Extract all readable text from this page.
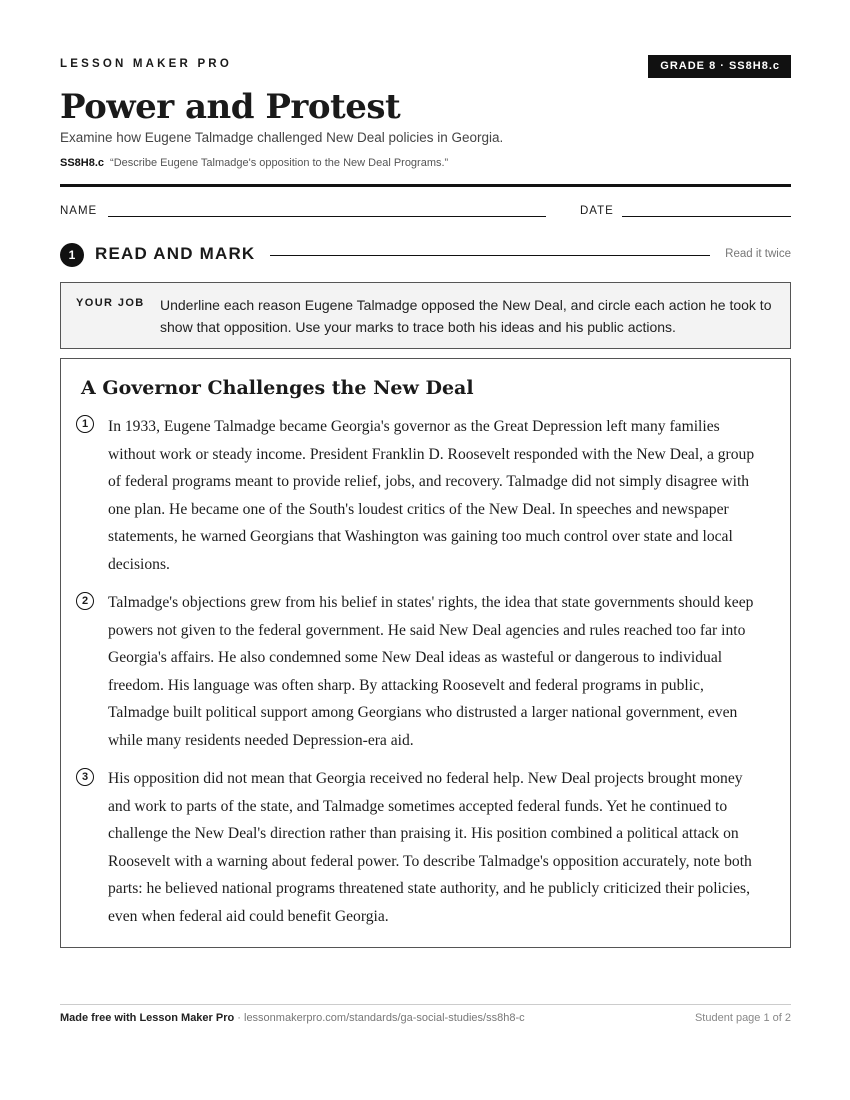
LESSON MAKER PRO	GRADE 8 · SS8H8.c
Power and Protest
Examine how Eugene Talmadge challenged New Deal policies in Georgia.
SS8H8.c “Describe Eugene Talmadge's opposition to the New Deal Programs.”
NAME	DATE
1	READ AND MARK	Read it twice
YOUR JOB Underline each reason Eugene Talmadge opposed the New Deal, and circle each action he took to show that opposition. Use your marks to trace both his ideas and his public actions.
A Governor Challenges the New Deal
1	In 1933, Eugene Talmadge became Georgia's governor as the Great Depression left many families without work or steady income. President Franklin D. Roosevelt responded with the New Deal, a group of federal programs meant to provide relief, jobs, and recovery. Talmadge did not simply disagree with one plan. He became one of the South's loudest critics of the New Deal. In speeches and newspaper statements, he warned Georgians that Washington was gaining too much control over state and local decisions.

2	Talmadge's objections grew from his belief in states' rights, the idea that state governments should keep powers not given to the federal government. He said New Deal agencies and rules reached too far into Georgia's affairs. He also condemned some New Deal ideas as wasteful or dangerous to individual freedom. His language was often sharp. By attacking Roosevelt and federal programs in public, Talmadge built political support among Georgians who distrusted a larger national government, even while many residents needed Depression-era aid.

3	His opposition did not mean that Georgia received no federal help. New Deal projects brought money and work to parts of the state, and Talmadge sometimes accepted federal funds. Yet he continued to challenge the New Deal's direction rather than praising it. His position combined a political attack on Roosevelt with a warning about federal power. To describe Talmadge's opposition accurately, note both parts: he believed national programs threatened state authority, and he publicly criticized their policies, even when federal aid could benefit Georgia.

Made free with Lesson Maker Pro · lessonmakerpro.com/standards/ga-social-studies/ss8h8-c	Student page 1 of 2
